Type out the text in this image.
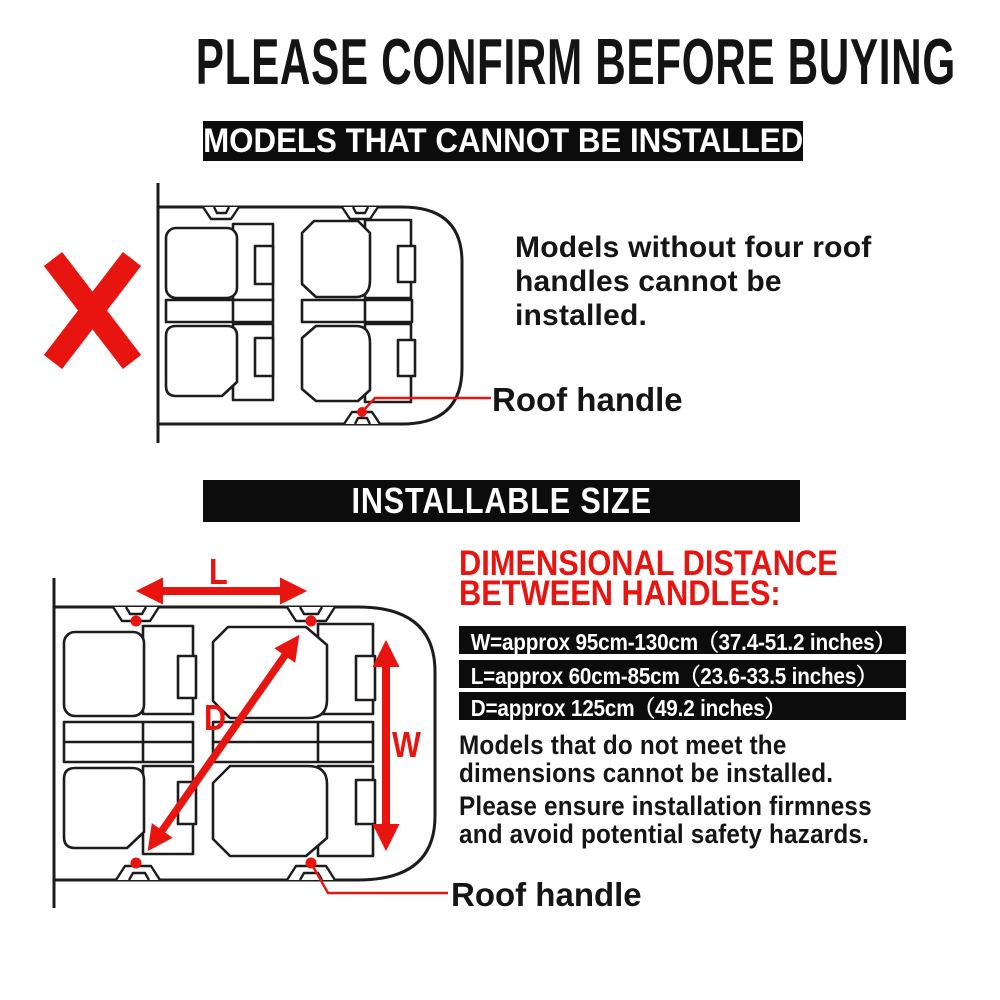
PLEASE CONFIRM BEFORE BUYING
MODELS THAT CANNOT BE INSTALLED
Models without four roof
handles cannot be
installed.
Roof handle
INSTALLABLE SIZE
DIMENSIONAL DISTANCE
BETWEEN HANDLES:
W=approx 95cm-130cm（37.4-51.2 inches）
L=approx 60cm-85cm（23.6-33.5 inches）
D=approx 125cm（49.2 inches）
Models that do not meet the
dimensions cannot be installed.
Please ensure installation firmness
and avoid potential safety hazards.
L
D
W
Roof handle
